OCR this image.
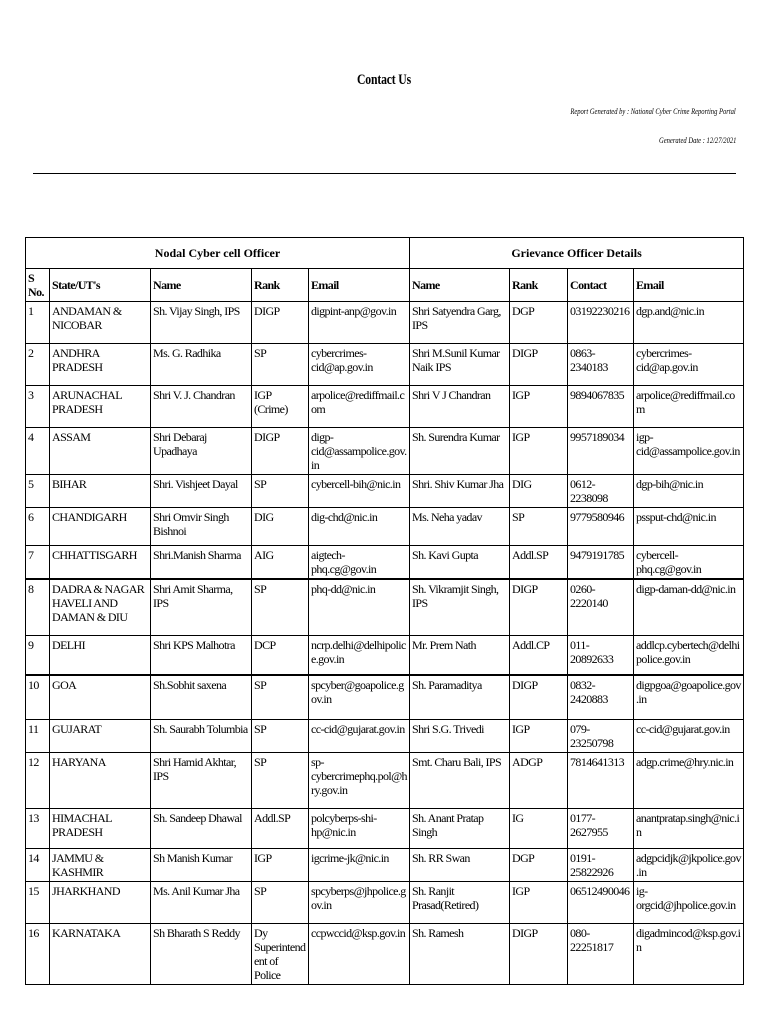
Contact Us
Report Generated by : National Cyber Crime Reporting Portal
Generated Date : 12/27/2021
Nodal Cyber cell Officer					Grievance Officer Details			
S No.	State/UT's	Name	Rank	Email	Name	Rank	Contact	Email
1	ANDAMAN & NICOBAR	Sh. Vijay Singh, IPS	DIGP	digpint-anp@gov.in	Shri Satyendra Garg, IPS	DGP	03192230216	dgp.and@nic.in
2	ANDHRA PRADESH	Ms. G. Radhika	SP	cybercrimes-cid@ap.gov.in	Shri M.Sunil Kumar Naik IPS	DIGP	0863-2340183	cybercrimes-cid@ap.gov.in
3	ARUNACHAL PRADESH	Shri V. J. Chandran	IGP (Crime)	arpolice@rediffmail.com	Shri V J Chandran	IGP	9894067835	arpolice@rediffmail.com
4	ASSAM	Shri Debaraj Upadhaya	DIGP	digp-cid@assampolice.gov.in	Sh. Surendra Kumar	IGP	9957189034	igp-cid@assampolice.gov.in
5	BIHAR	Shri. Vishjeet Dayal	SP	cybercell-bih@nic.in	Shri. Shiv Kumar Jha	DIG	0612-2238098	dgp-bih@nic.in
6	CHANDIGARH	Shri Omvir Singh Bishnoi	DIG	dig-chd@nic.in	Ms. Neha yadav	SP	9779580946	pssput-chd@nic.in
7	CHHATTISGARH	Shri.Manish Sharma	AIG	aigtech-phq.cg@gov.in	Sh. Kavi Gupta	Addl.SP	9479191785	cybercell-phq.cg@gov.in
8	DADRA & NAGAR HAVELI AND DAMAN & DIU	Shri Amit Sharma, IPS	SP	phq-dd@nic.in	Sh. Vikramjit Singh, IPS	DIGP	0260-2220140	digp-daman-dd@nic.in
9	DELHI	Shri KPS Malhotra	DCP	ncrp.delhi@delhipolice.gov.in	Mr. Prem Nath	Addl.CP	011-20892633	addlcp.cybertech@delhipolice.gov.in
10	GOA	Sh.Sobhit saxena	SP	spcyber@goapolice.gov.in	Sh. Paramaditya	DIGP	0832-2420883	digpgoa@goapolice.gov.in
11	GUJARAT	Sh. Saurabh Tolumbia	SP	cc-cid@gujarat.gov.in	Shri S.G. Trivedi	IGP	079-23250798	cc-cid@gujarat.gov.in
12	HARYANA	Shri Hamid Akhtar, IPS	SP	sp-cybercrimephq.pol@hry.gov.in	Smt. Charu Bali, IPS	ADGP	7814641313	adgp.crime@hry.nic.in
13	HIMACHAL PRADESH	Sh. Sandeep Dhawal	Addl.SP	polcyberps-shi-hp@nic.in	Sh. Anant Pratap Singh	IG	0177-2627955	anantpratap.singh@nic.in
14	JAMMU & KASHMIR	Sh Manish Kumar	IGP	igcrime-jk@nic.in	Sh. RR Swan	DGP	0191-25822926	adgpcidjk@jkpolice.gov.in
15	JHARKHAND	Ms. Anil Kumar Jha	SP	spcyberps@jhpolice.gov.in	Sh. Ranjit Prasad(Retired)	IGP	06512490046	ig-orgcid@jhpolice.gov.in
16	KARNATAKA	Sh Bharath S Reddy	Dy Superintendent of Police	ccpwccid@ksp.gov.in	Sh. Ramesh	DIGP	080-22251817	digadmincod@ksp.gov.in
